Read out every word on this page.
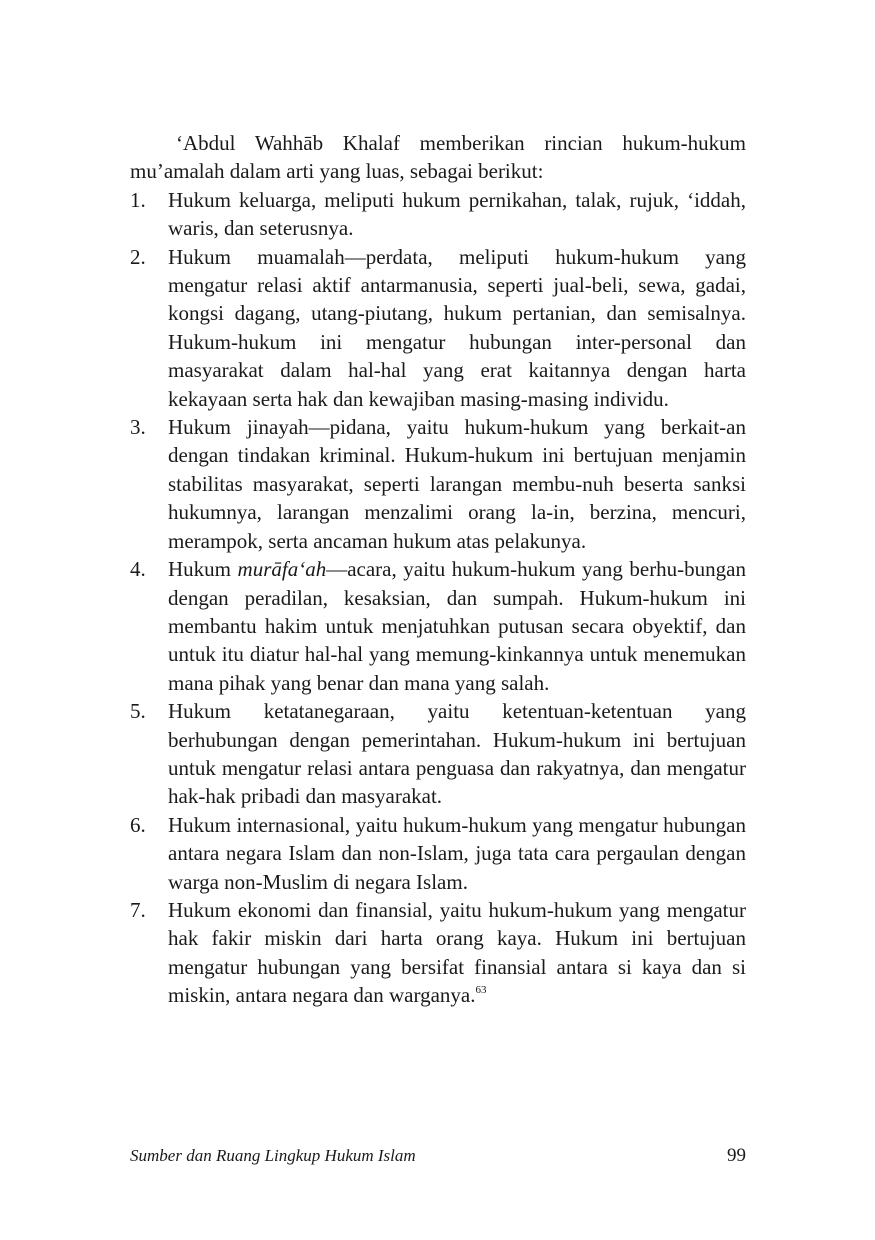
‘Abdul Wahhāb Khalaf memberikan rincian hukum-hukum mu’amalah dalam arti yang luas, sebagai berikut:

1. Hukum keluarga, meliputi hukum pernikahan, talak, rujuk, ‘iddah, waris, dan seterusnya.
2. Hukum muamalah—perdata, meliputi hukum-hukum yang mengatur relasi aktif antarmanusia, seperti jual-beli, sewa, gadai, kongsi dagang, utang-piutang, hukum pertanian, dan semisalnya. Hukum-hukum ini mengatur hubungan inter-personal dan masyarakat dalam hal-hal yang erat kaitannya dengan harta kekayaan serta hak dan kewajiban masing-masing individu.
3. Hukum jinayah—pidana, yaitu hukum-hukum yang berkait-an dengan tindakan kriminal. Hukum-hukum ini bertujuan menjamin stabilitas masyarakat, seperti larangan membu-nuh beserta sanksi hukumnya, larangan menzalimi orang la-in, berzina, mencuri, merampok, serta ancaman hukum atas pelakunya.
4. Hukum murāfa‘ah—acara, yaitu hukum-hukum yang berhu-bungan dengan peradilan, kesaksian, dan sumpah. Hukum-hukum ini membantu hakim untuk menjatuhkan putusan secara obyektif, dan untuk itu diatur hal-hal yang memung-kinkannya untuk menemukan mana pihak yang benar dan mana yang salah.
5. Hukum ketatanegaraan, yaitu ketentuan-ketentuan yang berhubungan dengan pemerintahan. Hukum-hukum ini bertujuan untuk mengatur relasi antara penguasa dan rakyatnya, dan mengatur hak-hak pribadi dan masyarakat.
6. Hukum internasional, yaitu hukum-hukum yang mengatur hubungan antara negara Islam dan non-Islam, juga tata cara pergaulan dengan warga non-Muslim di negara Islam.
7. Hukum ekonomi dan finansial, yaitu hukum-hukum yang mengatur hak fakir miskin dari harta orang kaya. Hukum ini bertujuan mengatur hubungan yang bersifat finansial antara si kaya dan si miskin, antara negara dan warganya.$^{63}$
Sumber dan Ruang Lingkup Hukum Islam	99
